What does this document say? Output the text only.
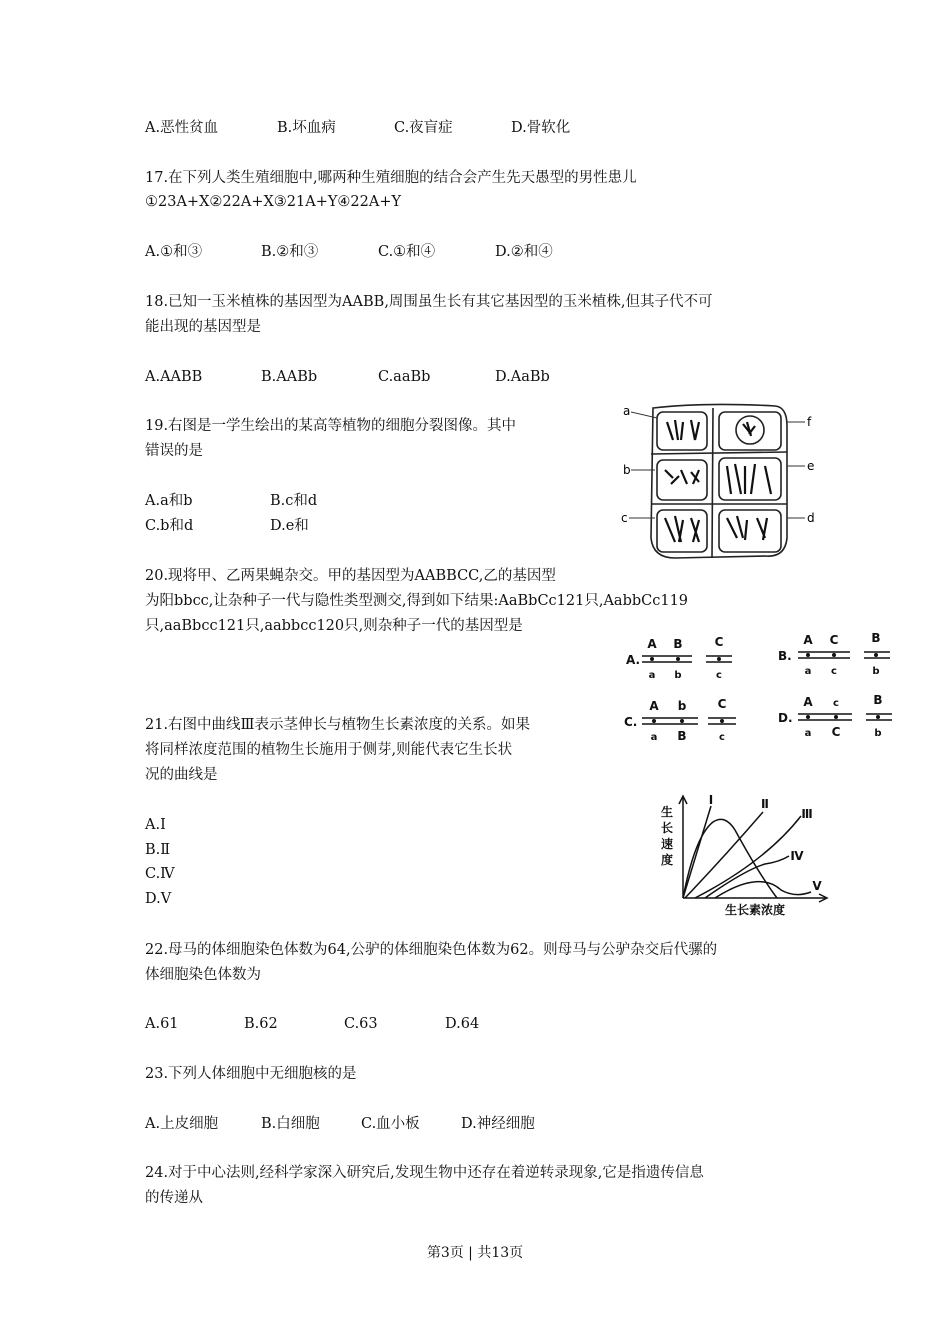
A.恶性贫血	B.坏血病	C.夜盲症	D.骨软化
17.在下列人类生殖细胞中,哪两种生殖细胞的结合会产生先天愚型的男性患儿
①23A+X②22A+X③21A+Y④22A+Y
A.①和③	B.②和③	C.①和④	D.②和④
18.已知一玉米植株的基因型为AABB,周围虽生长有其它基因型的玉米植株,但其子代不可
能出现的基因型是
A.AABB	B.AABb	C.aaBb	D.AaBb
19.右图是一学生绘出的某高等植物的细胞分裂图像。其中
错误的是
A.a和b	B.c和d
C.b和d	D.e和
a
b
c	d
e
f
20.现将甲、乙两果蝇杂交。甲的基因型为AABBCC,乙的基因型
为阳bbcc,让杂种子一代与隐性类型测交,得到如下结果:AaBbCc121只,AabbCc119
只,aaBbcc121只,aabbcc120只,则杂种子一代的基因型是
A.
A B	C
a b	c
B.
A C	B
a c	b
C.
A b	C
a B	c
D.
A c	B
a C	b
21.右图中曲线Ⅲ表示茎伸长与植物生长素浓度的关系。如果
将同样浓度范围的植物生长施用于侧芽,则能代表它生长状
况的曲线是
A.Ⅰ
B.Ⅱ
C.Ⅳ
D.Ⅴ
生
长
速
度
生长素浓度
Ⅰ	Ⅱ
Ⅲ
Ⅳ
Ⅴ
22.母马的体细胞染色体数为64,公驴的体细胞染色体数为62。则母马与公驴杂交后代骡的
体细胞染色体数为
A.61	B.62	C.63	D.64
23.下列人体细胞中无细胞核的是
A.上皮细胞	B.白细胞	C.血小板	D.神经细胞
24.对于中心法则,经科学家深入研究后,发现生物中还存在着逆转录现象,它是指遗传信息
的传递从
第3页 | 共13页
